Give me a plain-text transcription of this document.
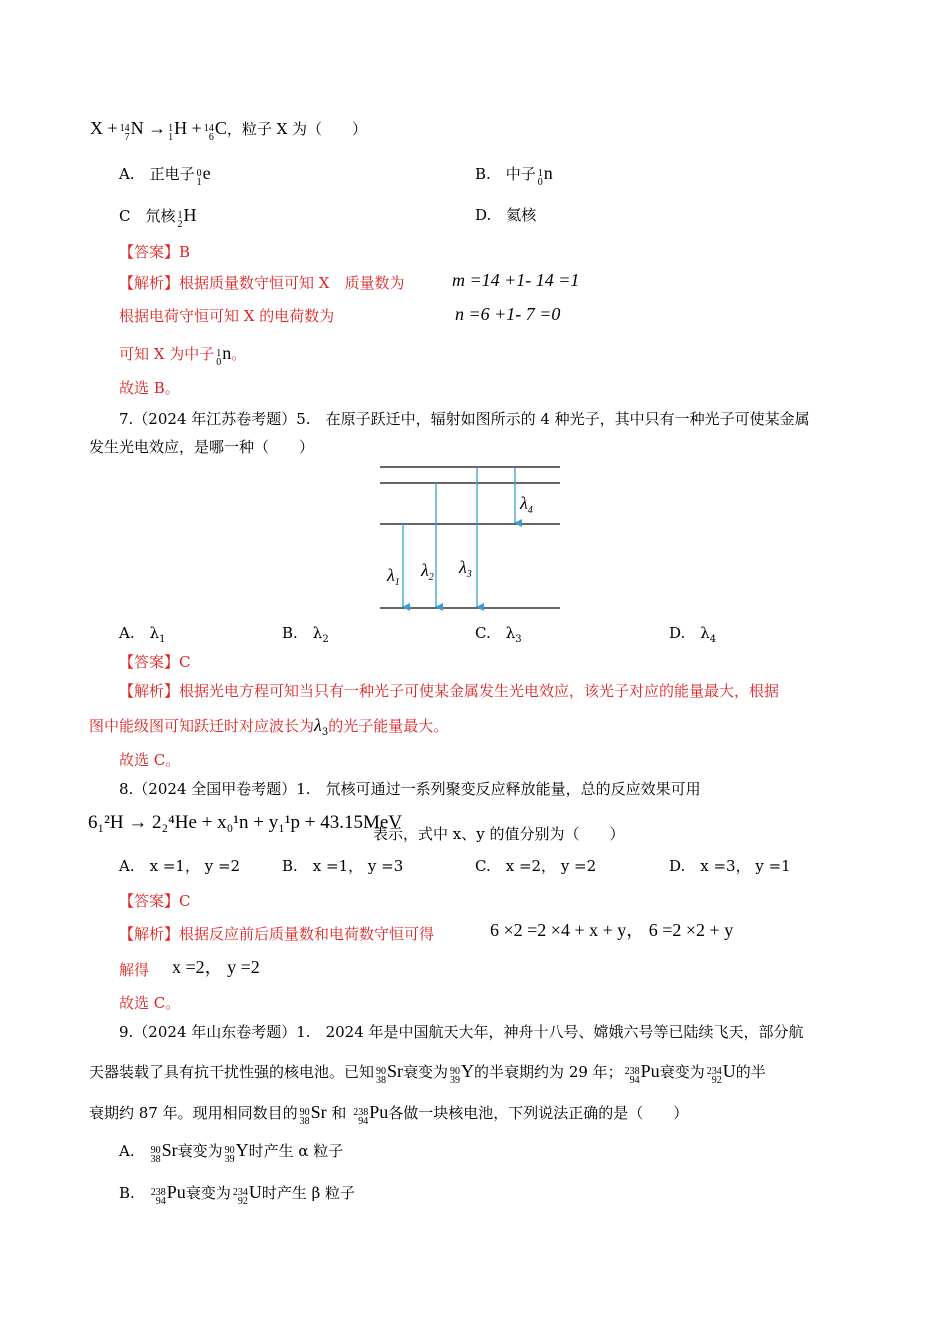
X + 14
7 N → 1
1 H + 14
6 C，粒子 X 为（　　）
A.　正电子 0
1 e	B.　中子 1
0 n
C　氘核 1
2 H	D.　氦核
【答案】B
【解析】根据质量数守恒可知 X　质量数为	m =14 +1- 14 =1
根据电荷守恒可知 X 的电荷数为	n =6 +1- 7 =0
可知 X 为中子 1
0 n。
故选 B。
7.（2024 年江苏卷考题）5.　在原子跃迁中，辐射如图所示的 4 种光子，其中只有一种光子可使某金属
发生光电效应，是哪一种（　　）
$\lambda_1$
$\lambda_2$
$\lambda_3$
$\lambda_4$
A.　$\lambda_1$	B.　$\lambda_2$	C.　$\lambda_3$	D.　$\lambda_4$
【答案】C
【解析】根据光电方程可知当只有一种光子可使某金属发生光电效应，该光子对应的能量最大，根据
图中能级图可知跃迁时对应波长为$\lambda_3$的光子能量最大。
故选 C。
8.（2024 全国甲卷考题）1.　氘核可通过一系列聚变反应释放能量，总的反应效果可用
6₁²H → 2₂⁴He + x₀¹n + y₁¹p + 43.15MeV
表示，式中 x、y 的值分别为（　　）
A.　x =1， y =2	B.　x =1， y =3	C.　x =2， y =2	D.　x =3， y =1
【答案】C
【解析】根据反应前后质量数和电荷数守恒可得	6 ×2 =2 ×4 + x + y， 6 =2 ×2 + y
解得 x =2， y =2
故选 C。
9.（2024 年山东卷考题）1.　2024 年是中国航天大年，神舟十八号、嫦娥六号等已陆续飞天，部分航
天器装载了具有抗干扰性强的核电池。已知 90
38 Sr衰变为 90
39 Y的半衰期约为 29 年； 238
94 Pu衰变为 234
92 U的半
衰期约 87 年。现用相同数目的 90
38 Sr 和 238
94 Pu各做一块核电池，下列说法正确的是（　　）
A. 90
38 Sr衰变为 90
39 Y时产生 α 粒子
B. 238
94 Pu衰变为 234
92 U时产生 β 粒子
